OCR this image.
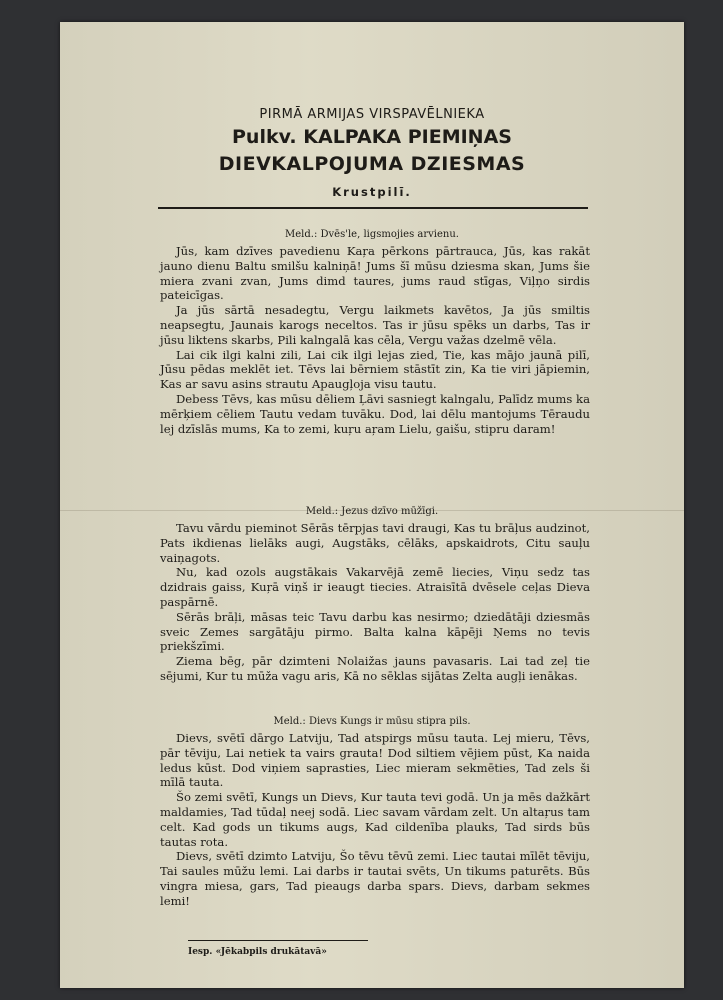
PIRMĀ ARMIJAS VIRSPAVĒLNIEKA
Pulkv. KALPAKA PIEMIŅAS
DIEVKALPOJUMA DZIESMAS
Krustpilī.
Meld.: Dvēs'le, ligsmojies arvienu.

Jūs, kam dzīves pavedienu Kaŗa pērkons pārtrauca, Jūs, kas rakāt jauno dienu Baltu smilšu kalniņā! Jums šī mūsu dziesma skan, Jums šie miera zvani zvan, Jums dimd taures, jums raud stīgas, Viļņo sirdis pateicīgas.

Ja jūs sārtā nesadegtu, Vergu laikmets kavētos, Ja jūs smiltis neapsegtu, Jaunais karogs neceltos. Tas ir jūsu spēks un darbs, Tas ir jūsu liktens skarbs, Pili kalngalā kas cēla, Vergu važas dzelmē vēla.

Lai cik ilgi kalni zili, Lai cik ilgi lejas zied, Tie, kas mājo jaunā pilī, Jūsu pēdas meklēt iet. Tēvs lai bērniem stāstīt zin, Ka tie viri jāpiemin, Kas ar savu asins strautu Apaugļoja visu tautu.

Debess Tēvs, kas mūsu dēliem Ļāvi sasniegt kalngalu, Palīdz mums ka mērķiem cēliem Tautu vedam tuvāku. Dod, lai dēlu mantojums Tēraudu lej dzīslās mums, Ka to zemi, kuŗu aŗam Lielu, gaišu, stipru daram!

Meld.: Jezus dzīvo mūžīgi.

Tavu vārdu pieminot Sērās tērpjas tavi draugi, Kas tu brāļus audzinot, Pats ikdienas lielāks augi, Augstāks, cēlāks, apskaidrots, Citu sauļu vaiņagots.

Nu, kad ozols augstākais Vakarvējā zemē liecies, Viņu sedz tas dzidrais gaiss, Kuŗā viņš ir ieaugt tiecies. Atraisītā dvēsele ceļas Dieva paspārnē.

Sērās brāļi, māsas teic Tavu darbu kas nesirmo; dziedātāji dziesmās sveic Zemes sargātāju pirmo. Balta kalna kāpēji Ņems no tevis priekšzīmi.

Ziema bēg, pār dzimteni Nolaižas jauns pavasaris. Lai tad zeļ tie sējumi, Kur tu mūža vagu aris, Kā no sēklas sijātas Zelta augļi ienākas.

Meld.: Dievs Kungs ir mūsu stipra pils.

Dievs, svētī dārgo Latviju, Tad atspirgs mūsu tauta. Lej mieru, Tēvs, pār tēviju, Lai netiek ta vairs grauta! Dod siltiem vējiem pūst, Ka naida ledus kūst. Dod viņiem saprasties, Liec mieram sekmēties, Tad zels ši mīlā tauta.

Šo zemi svētī, Kungs un Dievs, Kur tauta tevi godā. Un ja mēs dažkārt maldamies, Tad tūdaļ neej sodā. Liec savam vārdam zelt. Un altaŗus tam celt. Kad gods un tikums augs, Kad cildenība plauks, Tad sirds būs tautas rota.

Dievs, svētī dzimto Latviju, Šo tēvu tēvū zemi. Liec tautai mīlēt tēviju, Tai saules mūžu lemi. Lai darbs ir tautai svēts, Un tikums paturēts. Būs vingra miesa, gars, Tad pieaugs darba spars. Dievs, darbam sekmes lemi!

Iesp. «Jēkabpils drukātavā»
